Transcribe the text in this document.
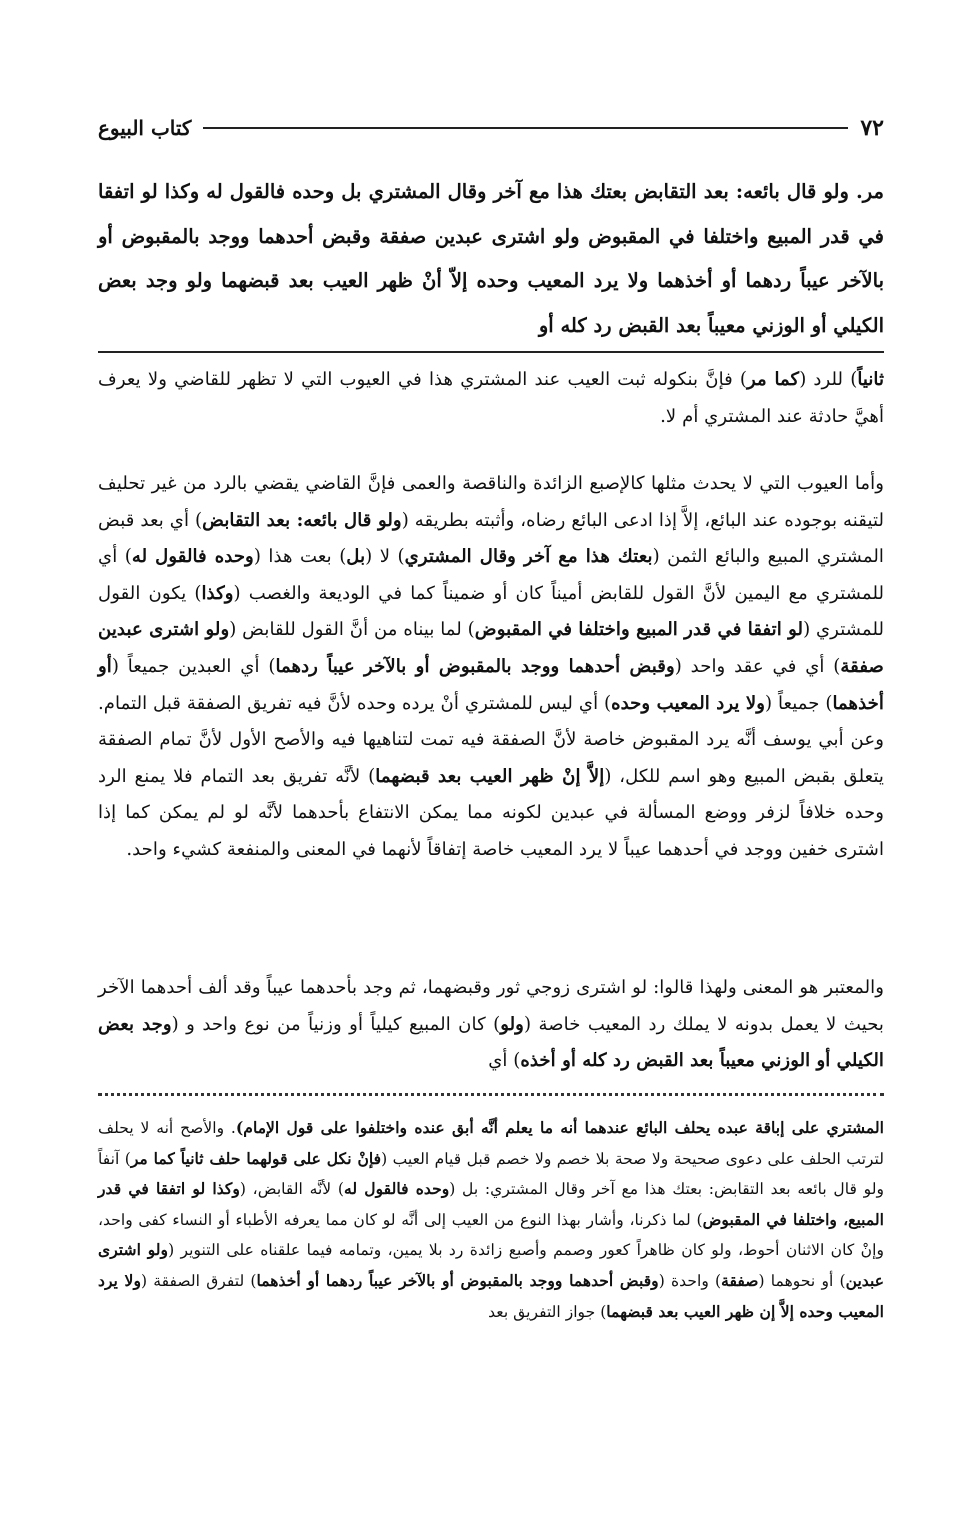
٧٢
كتاب البيوع
مر. ولو قال بائعه: بعد التقابض بعتك هذا مع آخر وقال المشتري بل وحده فالقول له وكذا لو اتفقا في قدر المبيع واختلفا في المقبوض ولو اشترى عبدين صفقة وقبض أحدهما ووجد بالمقبوض أو بالآخر عيباً ردهما أو أخذهما ولا يرد المعيب وحده إلاّ أنْ ظهر العيب بعد قبضهما ولو وجد بعض الكيلي أو الوزني معيباً بعد القبض رد كله أو

ثانياً) للرد (كما مر) فإنَّ بنكوله ثبت العيب عند المشتري هذا في العيوب التي لا تظهر للقاضي ولا يعرف أهيَّ حادثة عند المشتري أم لا.

وأما العيوب التي لا يحدث مثلها كالإصبع الزائدة والناقصة والعمى فإنَّ القاضي يقضي بالرد من غير تحليف لتيقنه بوجوده عند البائع، إلاَّ إذا ادعى البائع رضاه، وأثبته بطريقه (ولو قال بائعه: بعد التقابض) أي بعد قبض المشتري المبيع والبائع الثمن (بعتك هذا مع آخر وقال المشتري) لا (بل) بعت هذا (وحده فالقول له) أي للمشتري مع اليمين لأنَّ القول للقابض أميناً كان أو ضميناً كما في الوديعة والغصب (وكذا) يكون القول للمشتري (لو اتفقا في قدر المبيع واختلفا في المقبوض) لما بيناه من أنَّ القول للقابض (ولو اشترى عبدين صفقة) أي في عقد واحد (وقبض أحدهما ووجد بالمقبوض أو بالآخر عيباً ردهما) أي العبدين جميعاً (أو أخذهما) جميعاً (ولا يرد المعيب وحده) أي ليس للمشتري أنْ يرده وحده لأنَّ فيه تفريق الصفقة قبل التمام. وعن أبي يوسف أنَّه يرد المقبوض خاصة لأنَّ الصفقة فيه تمت لتناهيها فيه والأصح الأول لأنَّ تمام الصفقة يتعلق بقبض المبيع وهو اسم للكل، (إلاَّ إنْ ظهر العيب بعد قبضهما) لأنَّه تفريق بعد التمام فلا يمنع الرد وحده خلافاً لزفر ووضع المسألة في عبدين لكونه مما يمكن الانتفاع بأحدهما لأنَّه لو لم يمكن كما إذا اشترى خفين ووجد في أحدهما عيباً لا يرد المعيب خاصة إتفاقاً لأنهما في المعنى والمنفعة كشيء واحد.

والمعتبر هو المعنى ولهذا قالوا: لو اشترى زوجي ثور وقبضهما، ثم وجد بأحدهما عيباً وقد ألف أحدهما الآخر بحيث لا يعمل بدونه لا يملك رد المعيب خاصة (ولو) كان المبيع كيلياً أو وزنياً من نوع واحد و (وجد بعض الكيلي أو الوزني معيباً بعد القبض رد كله أو أخذه) أي

المشتري على إباقة عبده يحلف البائع عندهما أنه ما يعلم أنَّه أبق عنده واختلفوا على قول الإمام). والأصح أنه لا يحلف لترتب الحلف على دعوى صحيحة ولا صحة بلا خصم ولا خصم قبل قيام العيب (فإنْ نكل على قولهما حلف ثانياً كما مر) آنفاً ولو قال بائعه بعد التقابض: بعتك هذا مع آخر وقال المشتري: بل (وحده فالقول له) لأنَّه القابض، (وكذا لو اتفقا في قدر المبيع، واختلفا في المقبوض) لما ذكرنا، وأشار بهذا النوع من العيب إلى أنَّه لو كان مما يعرفه الأطباء أو النساء كفى واحد، وإنْ كان الاثنان أحوط، ولو كان ظاهراً كعور وصمم وأصبع زائدة رد بلا يمين، وتمامه فيما علقناه على التنوير (ولو اشترى عبدين) أو نحوهما (صفقة) واحدة (وقبض أحدهما ووجد بالمقبوض أو بالآخر عيباً ردهما أو أخذهما) لتفرق الصفقة (ولا يرد المعيب وحده إلاَّ إن ظهر العيب بعد قبضهما) جواز التفريق بعد
